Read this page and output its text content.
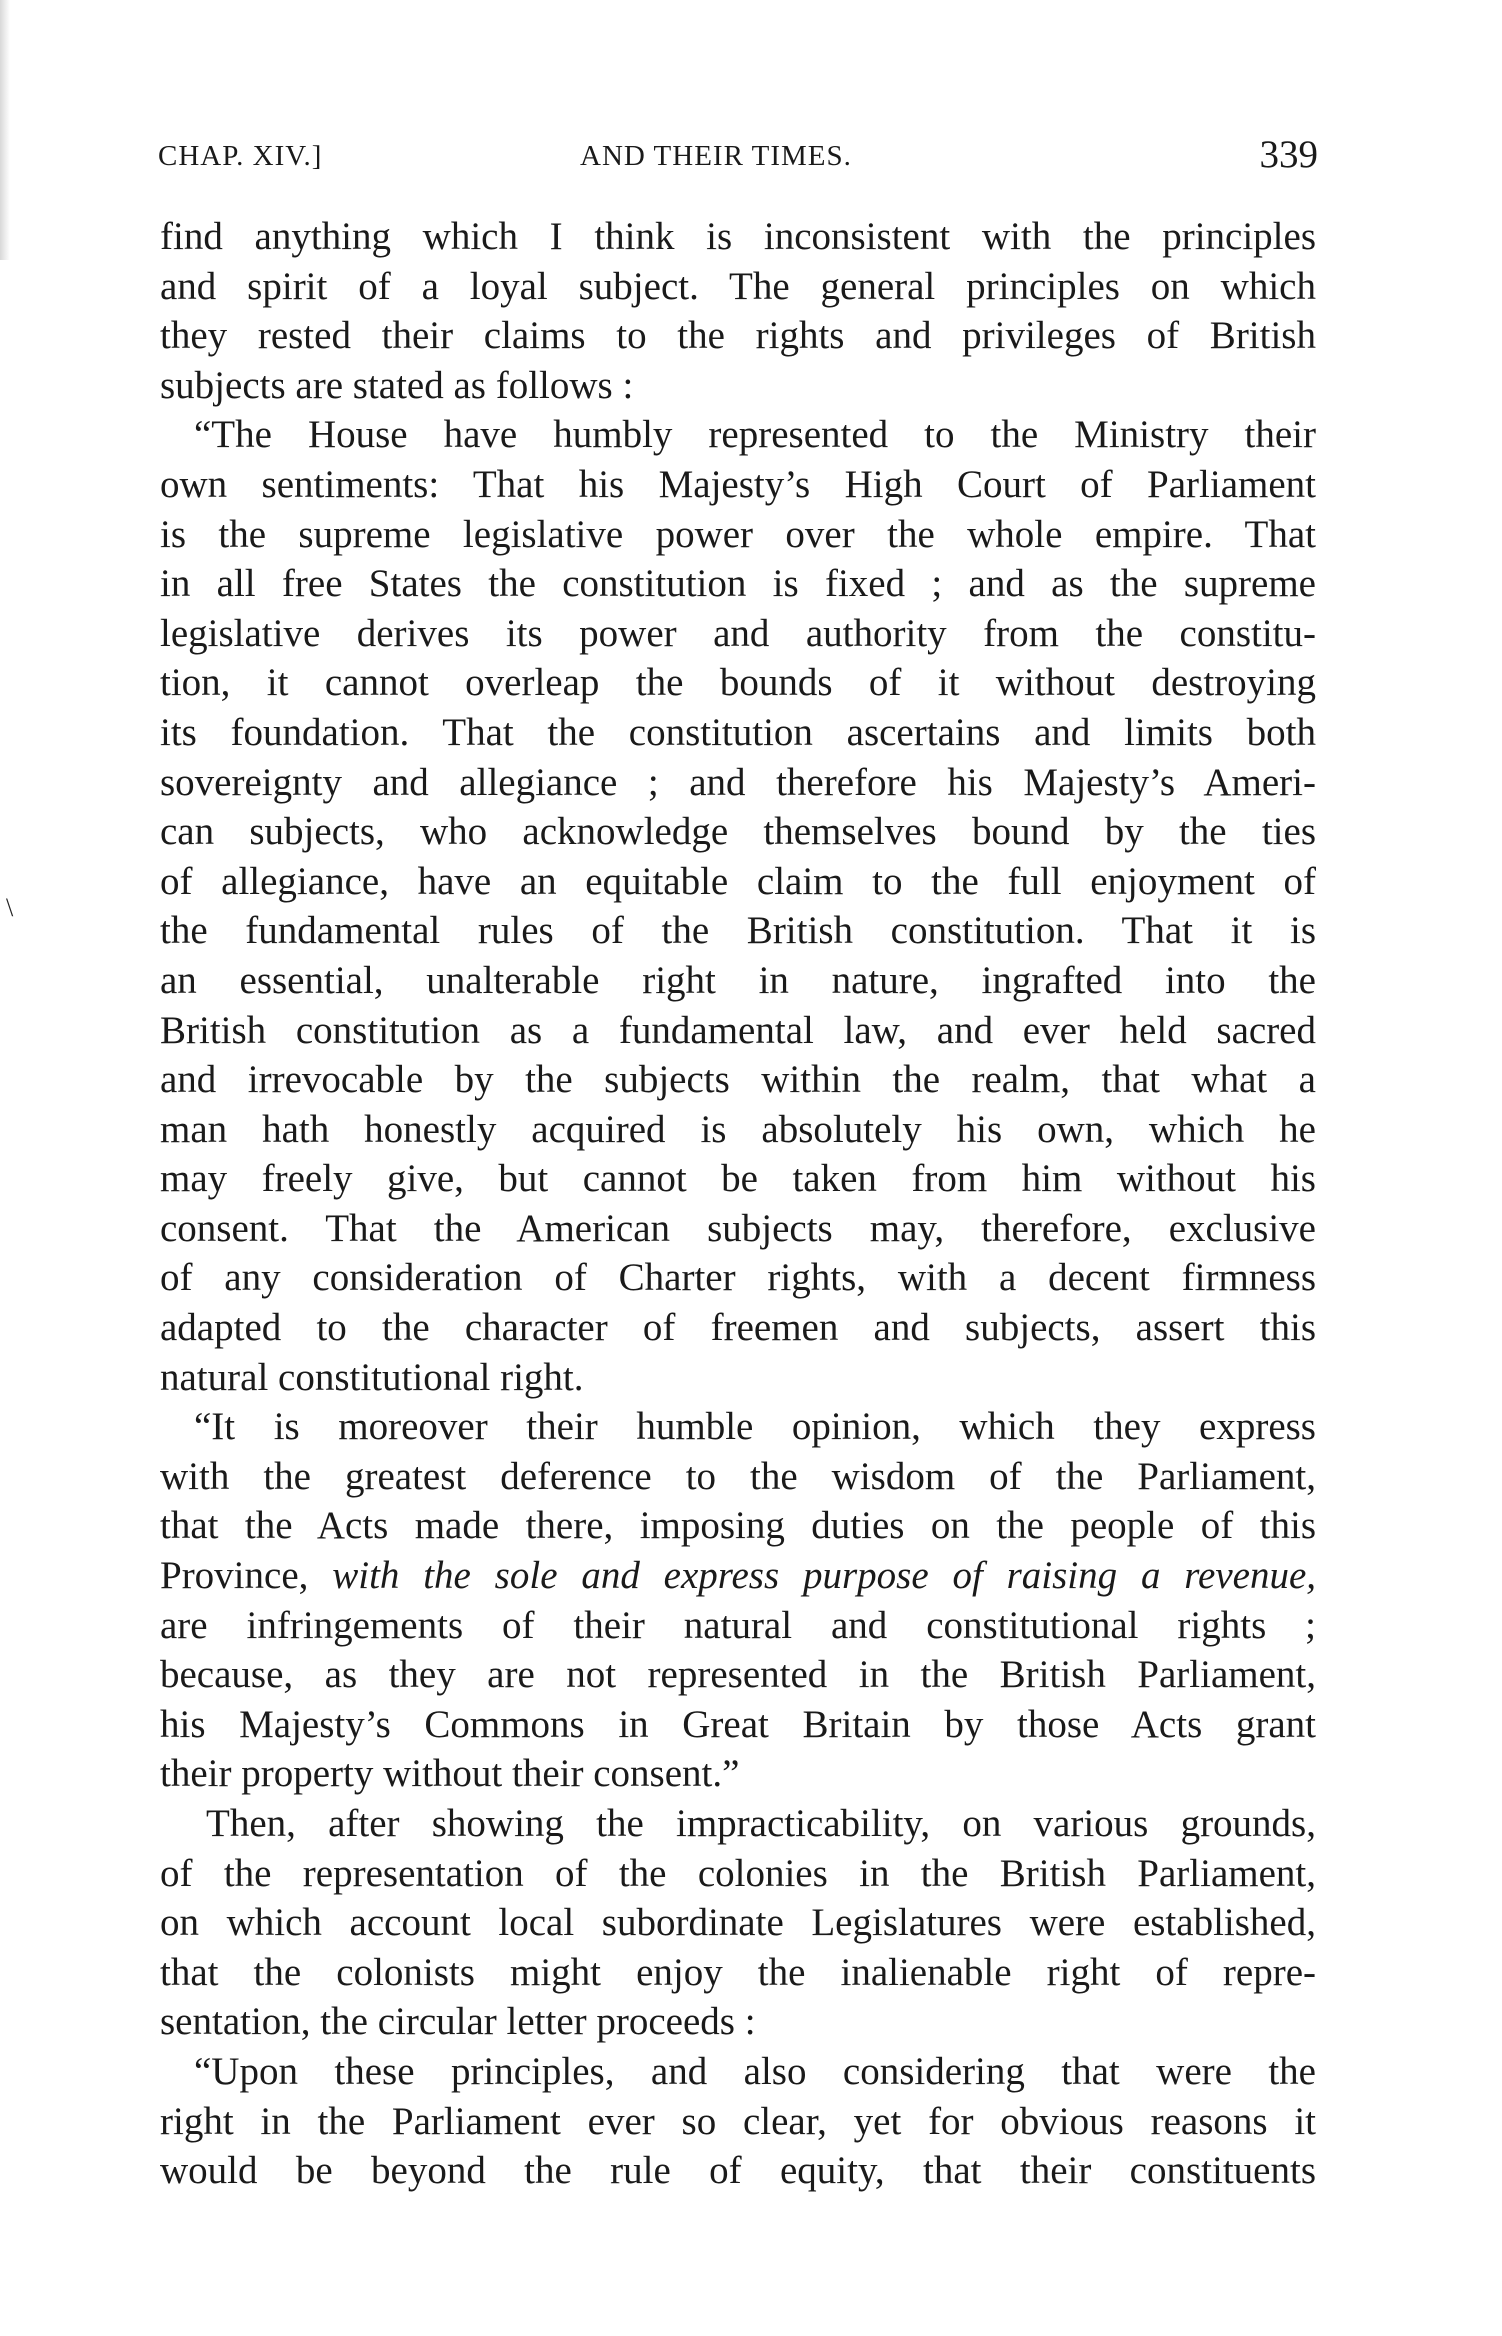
CHAP. XIV.]	AND THEIR TIMES.	339
\
find anything which I think is inconsistent with the principles
and spirit of a loyal subject. The general principles on which
they rested their claims to the rights and privileges of British
subjects are stated as follows :
“The House have humbly represented to the Ministry their
own sentiments: That his Majesty’s High Court of Parliament
is the supreme legislative power over the whole empire. That
in all free States the constitution is fixed ; and as the supreme
legislative derives its power and authority from the constitu-
tion, it cannot overleap the bounds of it without destroying
its foundation. That the constitution ascertains and limits both
sovereignty and allegiance ; and therefore his Majesty’s Ameri-
can subjects, who acknowledge themselves bound by the ties
of allegiance, have an equitable claim to the full enjoyment of
the fundamental rules of the British constitution. That it is
an essential, unalterable right in nature, ingrafted into the
British constitution as a fundamental law, and ever held sacred
and irrevocable by the subjects within the realm, that what a
man hath honestly acquired is absolutely his own, which he
may freely give, but cannot be taken from him without his
consent. That the American subjects may, therefore, exclusive
of any consideration of Charter rights, with a decent firmness
adapted to the character of freemen and subjects, assert this
natural constitutional right.
“It is moreover their humble opinion, which they express
with the greatest deference to the wisdom of the Parliament,
that the Acts made there, imposing duties on the people of this
Province, with the sole and express purpose of raising a revenue,
are infringements of their natural and constitutional rights ;
because, as they are not represented in the British Parliament,
his Majesty’s Commons in Great Britain by those Acts grant
their property without their consent.”
Then, after showing the impracticability, on various grounds,
of the representation of the colonies in the British Parliament,
on which account local subordinate Legislatures were established,
that the colonists might enjoy the inalienable right of repre-
sentation, the circular letter proceeds :
“Upon these principles, and also considering that were the
right in the Parliament ever so clear, yet for obvious reasons it
would be beyond the rule of equity, that their constituents
